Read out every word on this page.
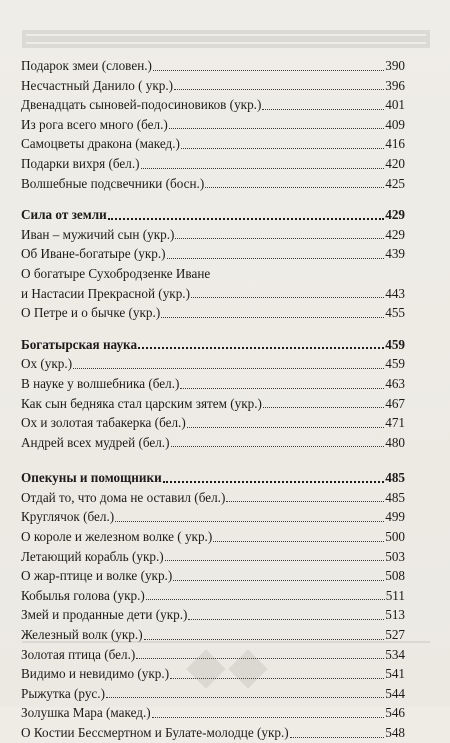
Подарок змеи (словен.)	390
Несчастный Данило ( укр.)	396
Двенадцать сыновей-подосиновиков (укр.)	401
Из рога всего много (бел.)	409
Самоцветы дракона (макед.)	416
Подарки вихря (бел.)	420
Волшебные подсвечники (босн.)	425
Сила от земли	429
Иван – мужичий сын (укр.)	429
Об Иване-богатыре (укр.)	439
О богатыре Сухобродзенке Иване
и Настасии Прекрасной (укр.)	443
О Петре и о бычке (укр.)	455
Богатырская наука	459
Ох (укр.)	459
В науке у волшебника (бел.)	463
Как сын бедняка стал царским зятем (укр.)	467
Ох и золотая табакерка (бел.)	471
Андрей всех мудрей (бел.)	480
Опекуны и помощники	485
Отдай то, что дома не оставил (бел.)	485
Круглячок (бел.)	499
О короле и железном волке ( укр.)	500
Летающий корабль (укр.)	503
О жар-птице и волке (укр.)	508
Кобылья голова (укр.)	511
Змей и проданные дети (укр.)	513
Железный волк (укр.)	527
Золотая птица (бел.)	534
Видимо и невидимо (укр.)	541
Рыжутка (рус.)	544
Золушка Мара (макед.)	546
О Костии Бессмертном и Булате-молодце (укр.)	548
